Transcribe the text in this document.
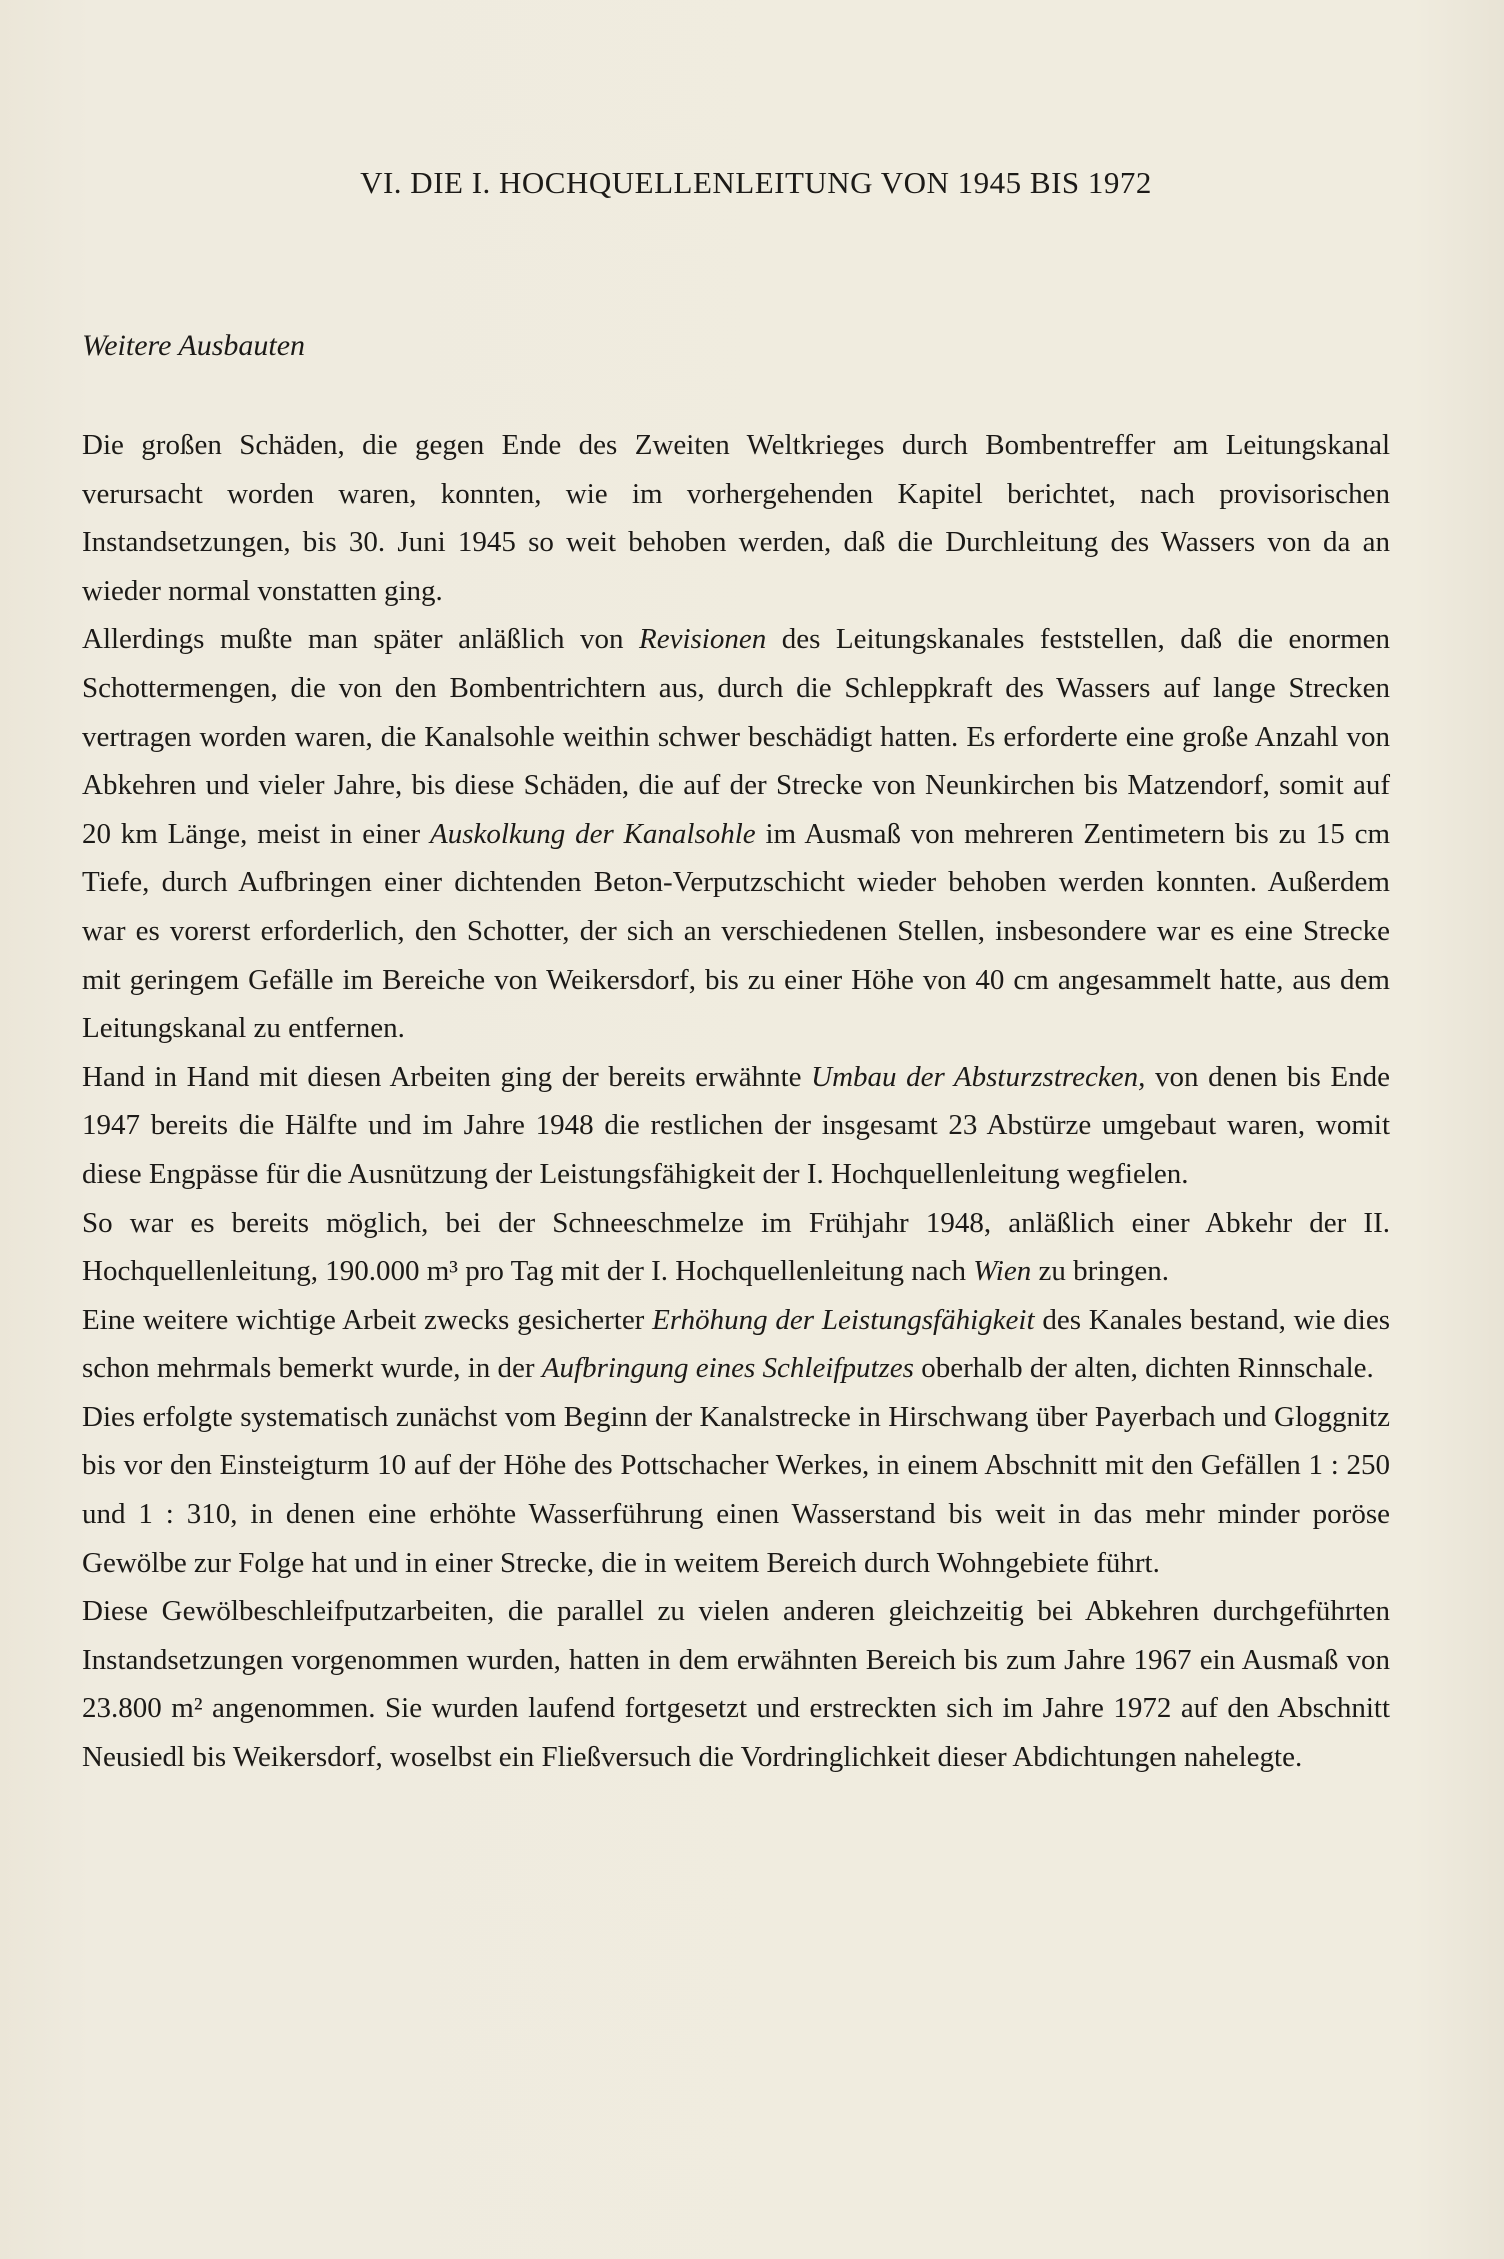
VI. DIE I. HOCHQUELLENLEITUNG VON 1945 BIS 1972
Weitere Ausbauten

Die großen Schäden, die gegen Ende des Zweiten Weltkrieges durch Bombentreffer am Leitungskanal verursacht worden waren, konnten, wie im vorhergehenden Kapitel berichtet, nach provisorischen Instandsetzungen, bis 30. Juni 1945 so weit behoben werden, daß die Durchleitung des Wassers von da an wieder normal vonstatten ging.

Allerdings mußte man später anläßlich von Revisionen des Leitungskanales feststellen, daß die enormen Schottermengen, die von den Bombentrichtern aus, durch die Schleppkraft des Wassers auf lange Strecken vertragen worden waren, die Kanalsohle weithin schwer beschädigt hatten. Es erforderte eine große Anzahl von Abkehren und vieler Jahre, bis diese Schäden, die auf der Strecke von Neunkirchen bis Matzendorf, somit auf 20 km Länge, meist in einer Auskolkung der Kanalsohle im Ausmaß von mehreren Zentimetern bis zu 15 cm Tiefe, durch Aufbringen einer dichtenden Beton-Verputzschicht wieder behoben werden konnten. Außerdem war es vorerst erforderlich, den Schotter, der sich an verschiedenen Stellen, insbesondere war es eine Strecke mit geringem Gefälle im Bereiche von Weikersdorf, bis zu einer Höhe von 40 cm angesammelt hatte, aus dem Leitungskanal zu entfernen.

Hand in Hand mit diesen Arbeiten ging der bereits erwähnte Umbau der Absturzstrecken, von denen bis Ende 1947 bereits die Hälfte und im Jahre 1948 die restlichen der insgesamt 23 Abstürze umgebaut waren, womit diese Engpässe für die Ausnützung der Leistungsfähigkeit der I. Hochquellenleitung wegfielen.

So war es bereits möglich, bei der Schneeschmelze im Frühjahr 1948, anläßlich einer Abkehr der II. Hochquellenleitung, 190.000 m³ pro Tag mit der I. Hochquellenleitung nach Wien zu bringen.

Eine weitere wichtige Arbeit zwecks gesicherter Erhöhung der Leistungsfähigkeit des Kanales bestand, wie dies schon mehrmals bemerkt wurde, in der Aufbringung eines Schleifputzes oberhalb der alten, dichten Rinnschale.

Dies erfolgte systematisch zunächst vom Beginn der Kanalstrecke in Hirschwang über Payerbach und Gloggnitz bis vor den Einsteigturm 10 auf der Höhe des Pottschacher Werkes, in einem Abschnitt mit den Gefällen 1 : 250 und 1 : 310, in denen eine erhöhte Wasserführung einen Wasserstand bis weit in das mehr minder poröse Gewölbe zur Folge hat und in einer Strecke, die in weitem Bereich durch Wohngebiete führt.

Diese Gewölbeschleifputzarbeiten, die parallel zu vielen anderen gleichzeitig bei Abkehren durchgeführten Instandsetzungen vorgenommen wurden, hatten in dem erwähnten Bereich bis zum Jahre 1967 ein Ausmaß von 23.800 m² angenommen. Sie wurden laufend fortgesetzt und erstreckten sich im Jahre 1972 auf den Abschnitt Neusiedl bis Weikersdorf, woselbst ein Fließversuch die Vordringlichkeit dieser Abdichtungen nahelegte.
